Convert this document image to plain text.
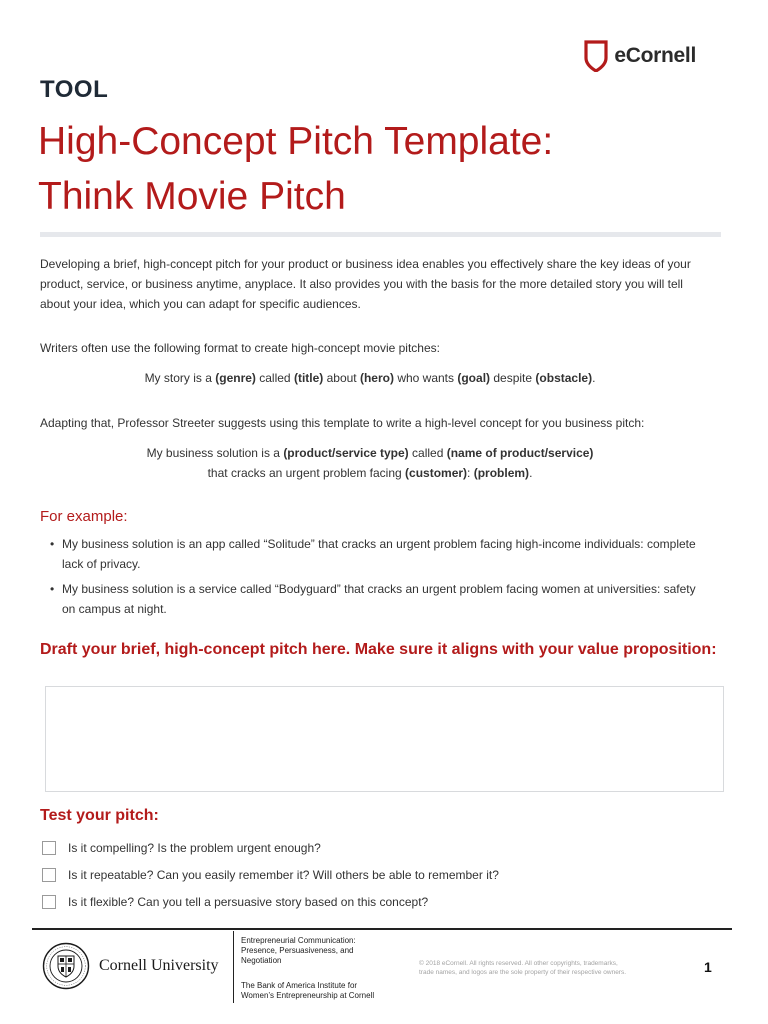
eCornell
TOOL
High-Concept Pitch Template:
Think Movie Pitch
Developing a brief, high-concept pitch for your product or business idea enables you effectively share the key ideas of your product, service, or business anytime, anyplace. It also provides you with the basis for the more detailed story you will tell about your idea, which you can adapt for specific audiences.
Writers often use the following format to create high-concept movie pitches:
My story is a (genre) called (title) about (hero) who wants (goal) despite (obstacle).
Adapting that, Professor Streeter suggests using this template to write a high-level concept for you business pitch:
My business solution is a (product/service type) called (name of product/service)
that cracks an urgent problem facing (customer): (problem).
For example:
• My business solution is an app called “Solitude” that cracks an urgent problem facing high-income individuals: complete lack of privacy.
• My business solution is a service called “Bodyguard” that cracks an urgent problem facing women at universities: safety on campus at night.
Draft your brief, high-concept pitch here. Make sure it aligns with your value proposition:
Test your pitch:
Is it compelling? Is the problem urgent enough?
Is it repeatable? Can you easily remember it? Will others be able to remember it?
Is it flexible? Can you tell a persuasive story based on this concept?
Cornell University
Entrepreneurial Communication:
Presence, Persuasiveness, and
Negotiation
The Bank of America Institute for
Women’s Entrepreneurship at Cornell
© 2018 eCornell. All rights reserved. All other copyrights, trademarks,
trade names, and logos are the sole property of their respective owners.	1
